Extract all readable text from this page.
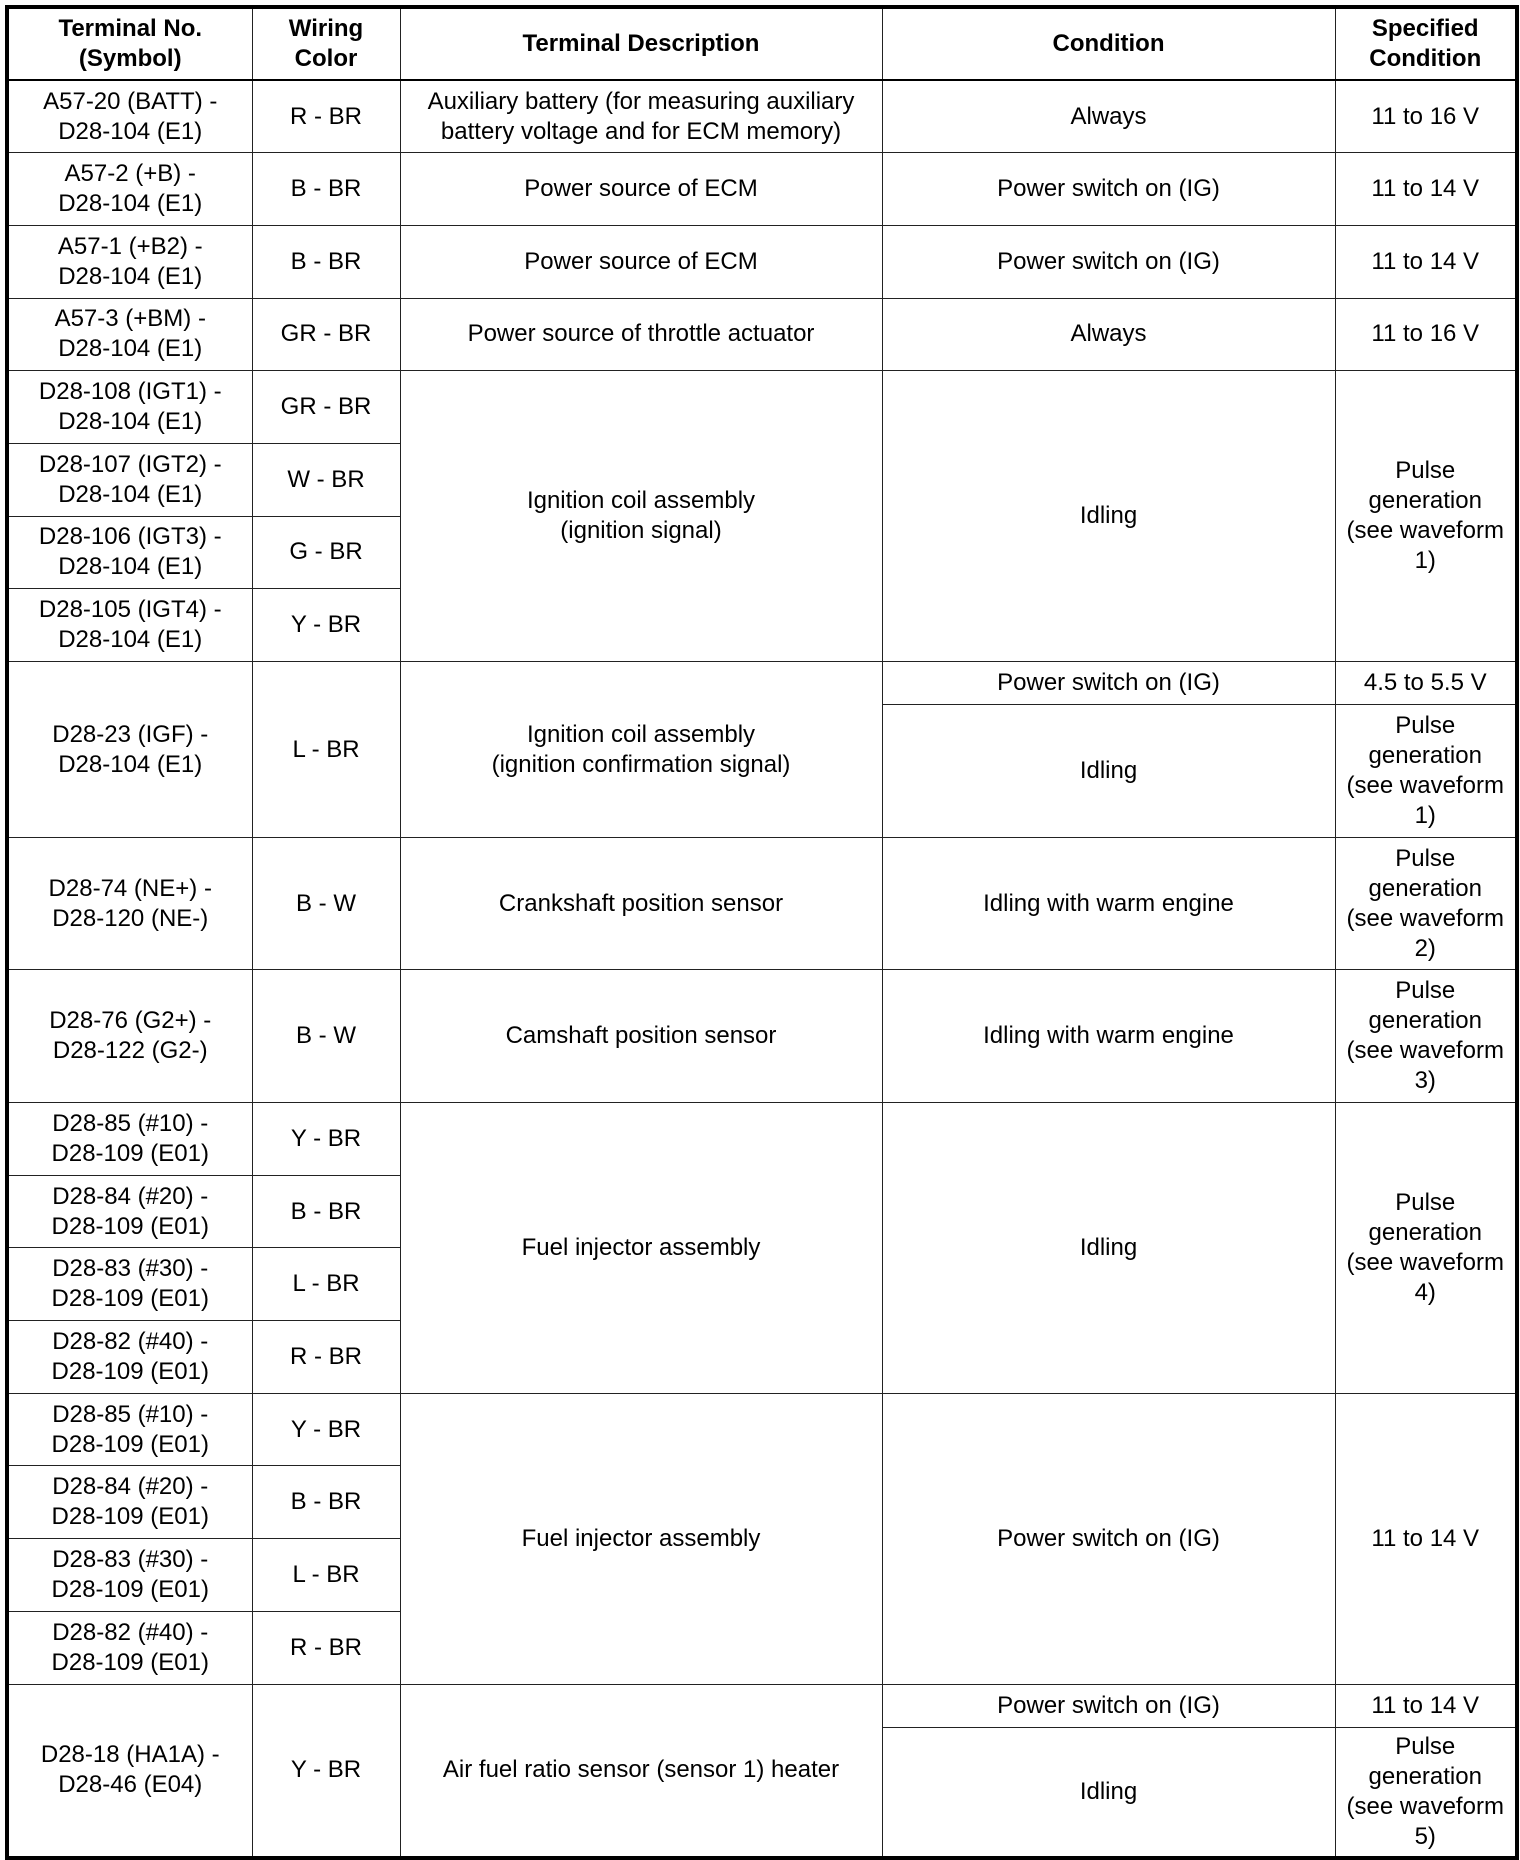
Terminal No.
(Symbol)	Wiring
Color	Terminal Description	Condition	Specified
Condition
A57-20 (BATT) -
D28-104 (E1)	R - BR	Auxiliary battery (for measuring auxiliary
battery voltage and for ECM memory)	Always	11 to 16 V
A57-2 (+B) -
D28-104 (E1)	B - BR	Power source of ECM	Power switch on (IG)	11 to 14 V
A57-1 (+B2) -
D28-104 (E1)	B - BR	Power source of ECM	Power switch on (IG)	11 to 14 V
A57-3 (+BM) -
D28-104 (E1)	GR - BR	Power source of throttle actuator	Always	11 to 16 V
D28-108 (IGT1) -
D28-104 (E1)	GR - BR	Ignition coil assembly
(ignition signal)	Idling	Pulse
generation
(see waveform
1)
D28-107 (IGT2) -
D28-104 (E1)	W - BR			
D28-106 (IGT3) -
D28-104 (E1)	G - BR			
D28-105 (IGT4) -
D28-104 (E1)	Y - BR			
D28-23 (IGF) -
D28-104 (E1)	L - BR	Ignition coil assembly
(ignition confirmation signal)	Power switch on (IG)	4.5 to 5.5 V
			Idling	Pulse
generation
(see waveform
1)
D28-74 (NE+) -
D28-120 (NE-)	B - W	Crankshaft position sensor	Idling with warm engine	Pulse
generation
(see waveform
2)
D28-76 (G2+) -
D28-122 (G2-)	B - W	Camshaft position sensor	Idling with warm engine	Pulse
generation
(see waveform
3)
D28-85 (#10) -
D28-109 (E01)	Y - BR	Fuel injector assembly	Idling	Pulse
generation
(see waveform
4)
D28-84 (#20) -
D28-109 (E01)	B - BR			
D28-83 (#30) -
D28-109 (E01)	L - BR			
D28-82 (#40) -
D28-109 (E01)	R - BR			
D28-85 (#10) -
D28-109 (E01)	Y - BR	Fuel injector assembly	Power switch on (IG)	11 to 14 V
D28-84 (#20) -
D28-109 (E01)	B - BR			
D28-83 (#30) -
D28-109 (E01)	L - BR			
D28-82 (#40) -
D28-109 (E01)	R - BR			
D28-18 (HA1A) -
D28-46 (E04)	Y - BR	Air fuel ratio sensor (sensor 1) heater	Power switch on (IG)	11 to 14 V
			Idling	Pulse
generation
(see waveform
5)
